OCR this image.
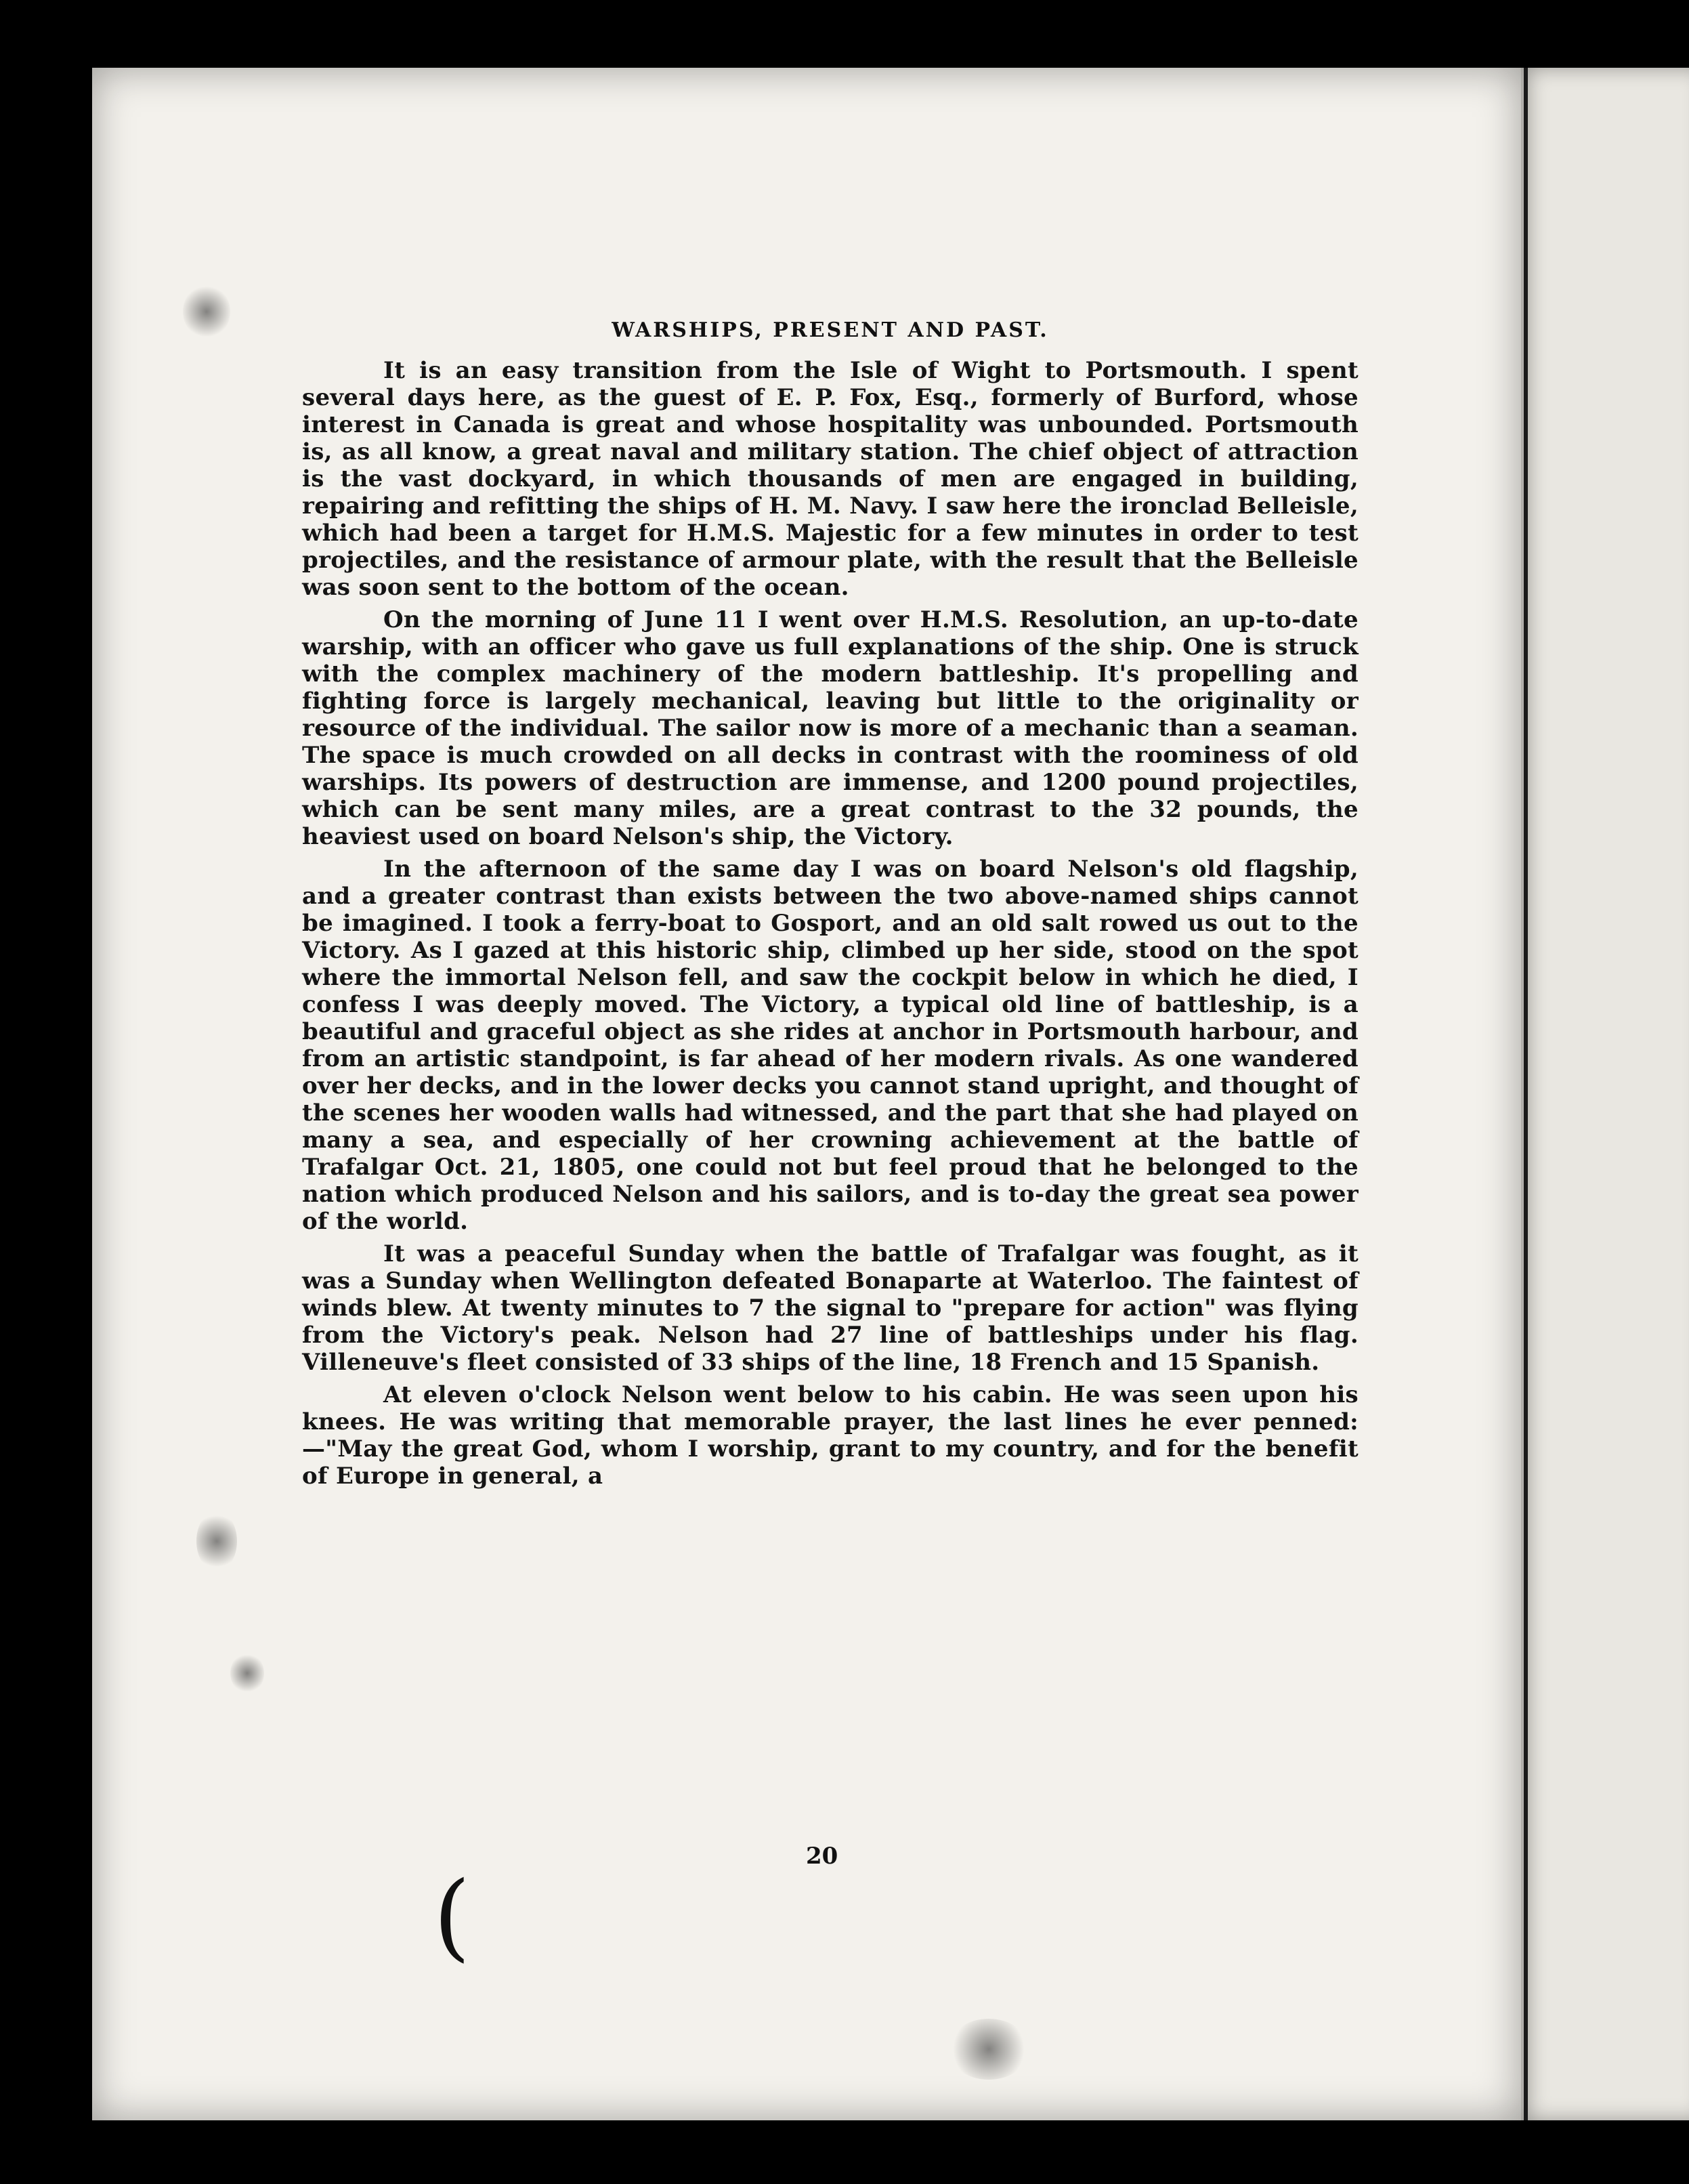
WARSHIPS, PRESENT AND PAST.

It is an easy transition from the Isle of Wight to Portsmouth. I spent several days here, as the guest of E. P. Fox, Esq., formerly of Burford, whose interest in Canada is great and whose hospitality was unbounded. Portsmouth is, as all know, a great naval and military station. The chief object of attraction is the vast dockyard, in which thousands of men are engaged in building, repairing and refitting the ships of H. M. Navy. I saw here the ironclad Belleisle, which had been a target for H.M.S. Majestic for a few minutes in order to test projectiles, and the resistance of armour plate, with the result that the Belleisle was soon sent to the bottom of the ocean.

On the morning of June 11 I went over H.M.S. Resolution, an up-to-date warship, with an officer who gave us full explanations of the ship. One is struck with the complex machinery of the modern battleship. It's propelling and fighting force is largely mechanical, leaving but little to the originality or resource of the individual. The sailor now is more of a mechanic than a seaman. The space is much crowded on all decks in contrast with the roominess of old warships. Its powers of destruction are immense, and 1200 pound projectiles, which can be sent many miles, are a great contrast to the 32 pounds, the heaviest used on board Nelson's ship, the Victory.

In the afternoon of the same day I was on board Nelson's old flagship, and a greater contrast than exists between the two above-named ships cannot be imagined. I took a ferry-boat to Gosport, and an old salt rowed us out to the Victory. As I gazed at this historic ship, climbed up her side, stood on the spot where the immortal Nelson fell, and saw the cockpit below in which he died, I confess I was deeply moved. The Victory, a typical old line of battleship, is a beautiful and graceful object as she rides at anchor in Portsmouth harbour, and from an artistic standpoint, is far ahead of her modern rivals. As one wandered over her decks, and in the lower decks you cannot stand upright, and thought of the scenes her wooden walls had witnessed, and the part that she had played on many a sea, and especially of her crowning achievement at the battle of Trafalgar Oct. 21, 1805, one could not but feel proud that he belonged to the nation which produced Nelson and his sailors, and is to-day the great sea power of the world.

It was a peaceful Sunday when the battle of Trafalgar was fought, as it was a Sunday when Wellington defeated Bonaparte at Waterloo. The faintest of winds blew. At twenty minutes to 7 the signal to "prepare for action" was flying from the Victory's peak. Nelson had 27 line of battleships under his flag. Villeneuve's fleet consisted of 33 ships of the line, 18 French and 15 Spanish.

At eleven o'clock Nelson went below to his cabin. He was seen upon his knees. He was writing that memorable prayer, the last lines he ever penned:—"May the great God, whom I worship, grant to my country, and for the benefit of Europe in general, a

20
(
